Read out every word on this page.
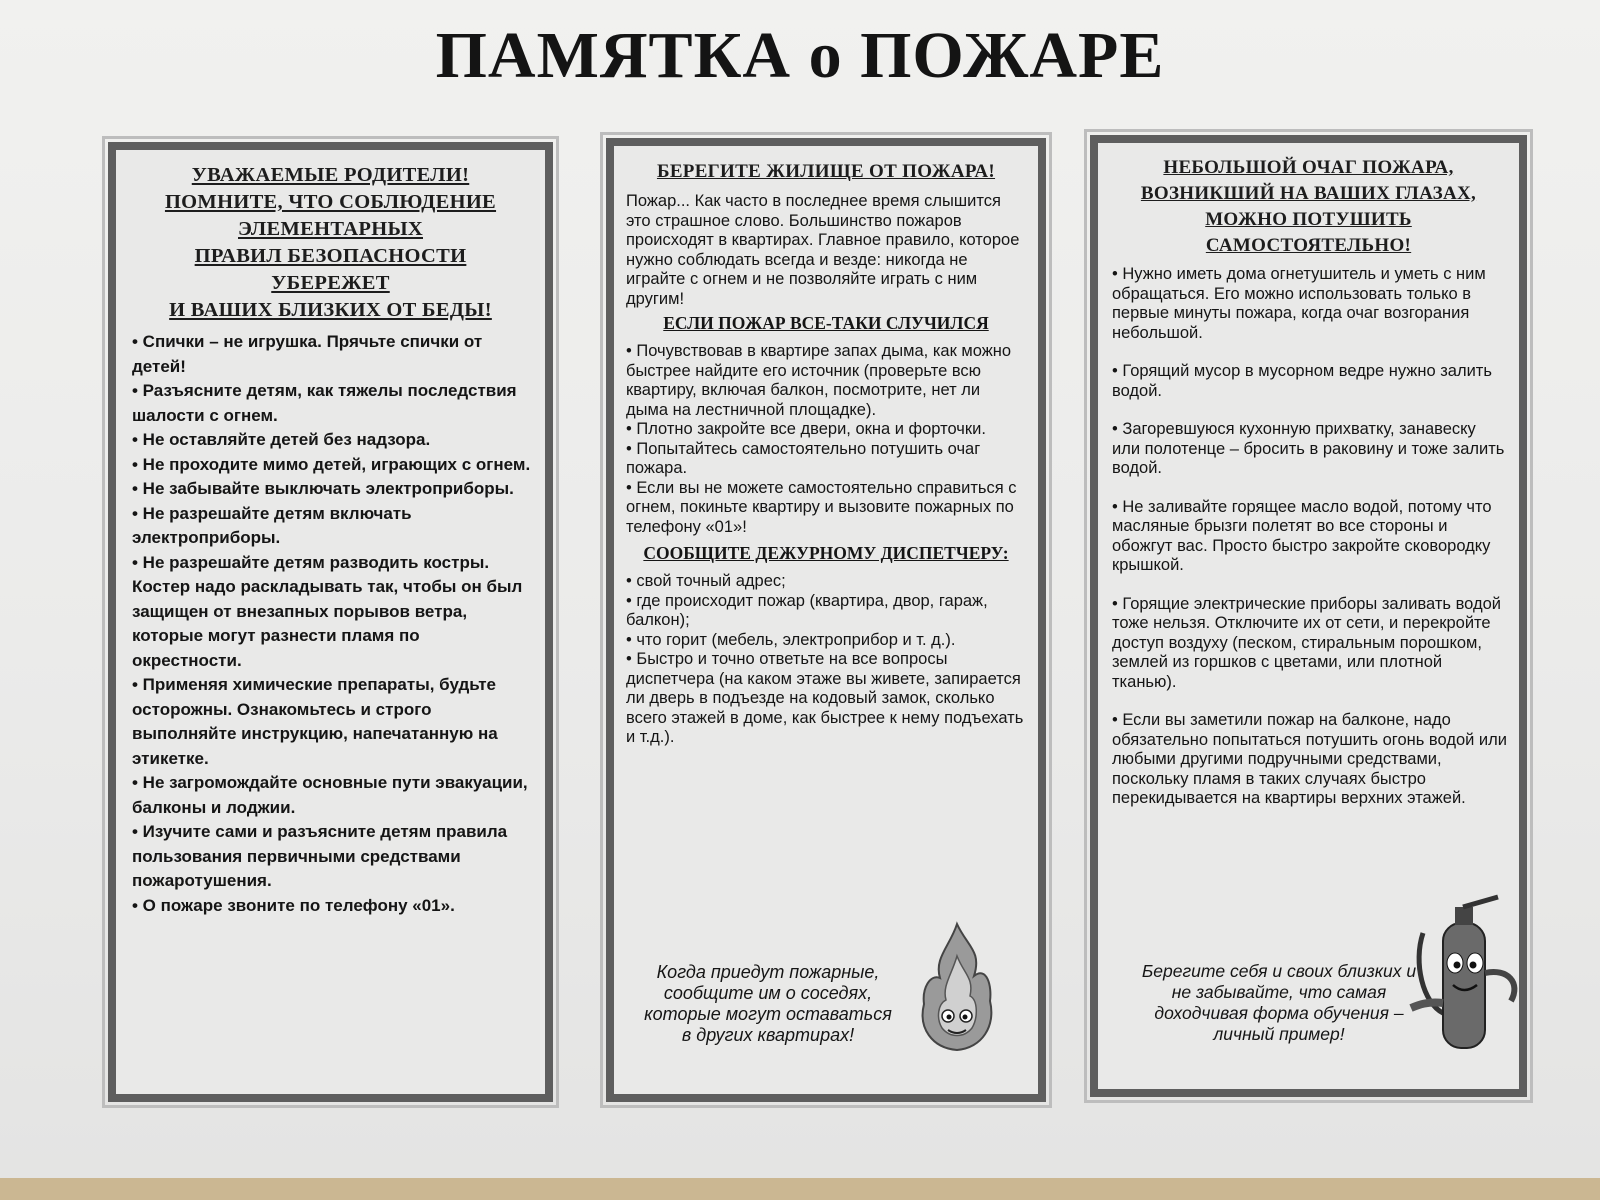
ПАМЯТКА о ПОЖАРЕ
УВАЖАЕМЫЕ РОДИТЕЛИ!
ПОМНИТЕ, ЧТО СОБЛЮДЕНИЕ
ЭЛЕМЕНТАРНЫХ
ПРАВИЛ БЕЗОПАСНОСТИ
УБЕРЕЖЕТ
И ВАШИХ БЛИЗКИХ ОТ БЕДЫ!
• Спички – не игрушка. Прячьте спички от детей!
• Разъясните детям, как тяжелы последствия шалости с огнем.
• Не оставляйте детей без надзора.
• Не проходите мимо детей, играющих с огнем.
• Не забывайте выключать электроприборы.
• Не разрешайте детям включать электроприборы.
• Не разрешайте детям разводить костры. Костер надо раскладывать так, чтобы он был защищен от внезапных порывов ветра, которые могут разнести пламя по окрестности.
• Применяя химические препараты, будьте осторожны. Ознакомьтесь и строго выполняйте инструкцию, напечатанную на этикетке.
• Не загромождайте основные пути эвакуации, балконы и лоджии.
• Изучите сами и разъясните детям правила пользования первичными средствами пожаротушения.
• О пожаре звоните по телефону «01».
БЕРЕГИТЕ ЖИЛИЩЕ ОТ ПОЖАРА!
Пожар... Как часто в последнее время слышится это страшное слово. Большинство пожаров происходят в квартирах. Главное правило, которое нужно соблюдать всегда и везде: никогда не играйте с огнем и не позволяйте играть с ним другим!
ЕСЛИ ПОЖАР ВСЕ-ТАКИ СЛУЧИЛСЯ
• Почувствовав в квартире запах дыма, как можно быстрее найдите его источник (проверьте всю квартиру, включая балкон, посмотрите, нет ли дыма на лестничной площадке).
• Плотно закройте все двери, окна и форточки.
• Попытайтесь самостоятельно потушить очаг пожара.
• Если вы не можете самостоятельно справиться с огнем, покиньте квартиру и вызовите пожарных по телефону «01»!
СООБЩИТЕ ДЕЖУРНОМУ ДИСПЕТЧЕРУ:
• свой точный адрес;
• где происходит пожар (квартира, двор, гараж, балкон);
• что горит (мебель, электроприбор и т. д.).
• Быстро и точно ответьте на все вопросы диспетчера (на каком этаже вы живете, запирается ли дверь в подъезде на кодовый замок, сколько всего этажей в доме, как быстрее к нему подъехать и т.д.).
Когда приедут пожарные, сообщите им о соседях, которые могут оставаться в других квартирах!
НЕБОЛЬШОЙ ОЧАГ ПОЖАРА,
ВОЗНИКШИЙ НА ВАШИХ ГЛАЗАХ,
МОЖНО ПОТУШИТЬ
САМОСТОЯТЕЛЬНО!
• Нужно иметь дома огнетушитель и уметь с ним обращаться. Его можно использовать только в первые минуты пожара, когда очаг возгорания небольшой.
• Горящий мусор в мусорном ведре нужно залить водой.
• Загоревшуюся кухонную прихватку, занавеску или полотенце – бросить в раковину и тоже залить водой.
• Не заливайте горящее масло водой, потому что масляные брызги полетят во все стороны и обожгут вас. Просто быстро закройте сковородку крышкой.
• Горящие электрические приборы заливать водой тоже нельзя. Отключите их от сети, и перекройте доступ воздуху (песком, стиральным порошком, землей из горшков с цветами, или плотной тканью).
• Если вы заметили пожар на балконе, надо обязательно попытаться потушить огонь водой или любыми другими подручными средствами, поскольку пламя в таких случаях быстро перекидывается на квартиры верхних этажей.
Берегите себя и своих близких и не забывайте, что самая доходчивая форма обучения – личный пример!
